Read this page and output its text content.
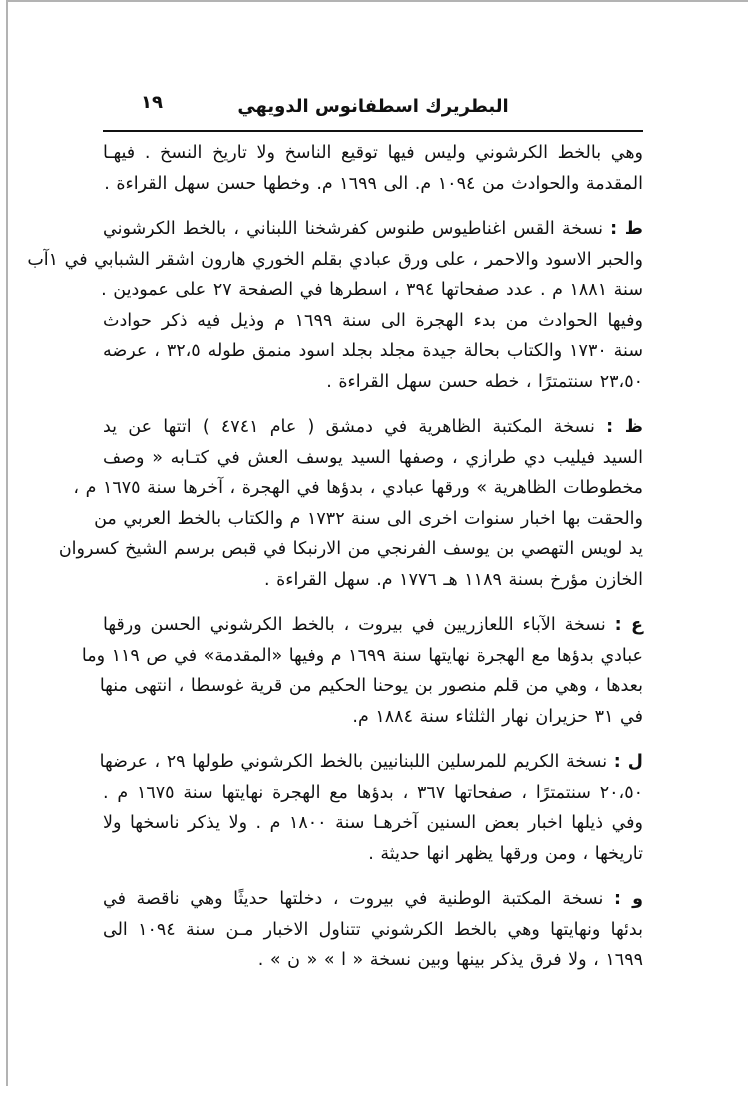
البطريرك اسطفانوس الدويهي
١٩

وهي بالخط الكرشوني وليس فيها توقيع الناسخ ولا تاريخ النسخ . فيهـا
المقدمة والحوادث من ١٠٩٤ م. الى ١٦٩٩ م. وخطها حسن سهل القراءة .

ط : نسخة القس اغناطيوس طنوس كفرشخنا اللبناني ، بالخط الكرشوني
والحبر الاسود والاحمر ، على ورق عبادي بقلم الخوري هارون اشقر الشبابي في ١آب
سنة ١٨٨١ م . عدد صفحاتها ٣٩٤ ، اسطرها في الصفحة ٢٧ على عمودين .
وفيها الحوادث من بدء الهجرة الى سنة ١٦٩٩ م وذيل فيه ذكر حوادث
سنة ١٧٣٠ والكتاب بحالة جيدة مجلد بجلد اسود منمق طوله ٣٢،٥ ، عرضه
٢٣،٥٠ سنتمترًا ، خطه حسن سهل القراءة .

ظ : نسخة المكتبة الظاهرية في دمشق ( عام ٤٧٤١ ) اتتها عن يد
السيد فيليب دي طرازي ، وصفها السيد يوسف العش في كتـابه « وصف
مخطوطات الظاهرية » ورقها عبادي ، بدؤها في الهجرة ، آخرها سنة ١٦٧٥ م ،
والحقت بها اخبار سنوات اخرى الى سنة ١٧٣٢ م والكتاب بالخط العربي من
يد لويس التهصي بن يوسف الفرنجي من الارنبكا في قبص برسم الشيخ كسروان
الخازن مؤرخ بسنة ١١٨٩ هـ ١٧٧٦ م. سهل القراءة .

ع : نسخة الآباء اللعازريين في بيروت ، بالخط الكرشوني الحسن ورقها
عبادي بدؤها مع الهجرة نهايتها سنة ١٦٩٩ م وفيها «المقدمة» في ص ١١٩ وما
بعدها ، وهي من قلم منصور بن يوحنا الحكيم من قرية غوسطا ، انتهى منها
في ٣١ حزيران نهار الثلثاء سنة ١٨٨٤ م.

ل : نسخة الكريم للمرسلين اللبنانيين بالخط الكرشوني طولها ٢٩ ، عرضها
٢٠،٥٠ سنتمترًا ، صفحاتها ٣٦٧ ، بدؤها مع الهجرة نهايتها سنة ١٦٧٥ م .
وفي ذيلها اخبار بعض السنين آخرهـا سنة ١٨٠٠ م . ولا يذكر ناسخها ولا
تاريخها ، ومن ورقها يظهر انها حديثة .

و : نسخة المكتبة الوطنية في بيروت ، دخلتها حديثًا وهي ناقصة في
بدئها ونهايتها وهي بالخط الكرشوني تتناول الاخبار مـن سنة ١٠٩٤ الى
١٦٩٩ ، ولا فرق يذكر بينها وبين نسخة « ا » « ن » .
